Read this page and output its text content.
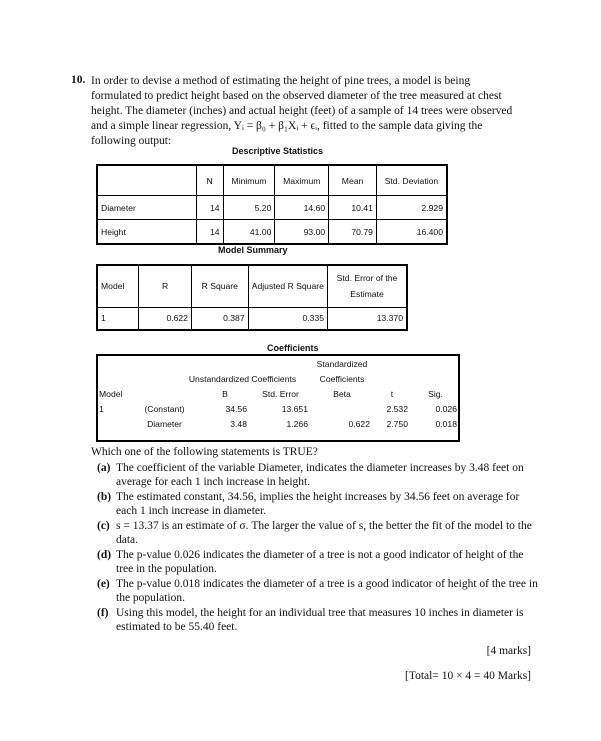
10. In order to devise a method of estimating the height of pine trees, a model is being
formulated to predict height based on the observed diameter of the tree measured at chest
height. The diameter (inches) and actual height (feet) of a sample of 14 trees were observed
and a simple linear regression, Yᵢ = β₀ + β₁Xᵢ + ϵᵢ, fitted to the sample data giving the
following output:
Descriptive Statistics
	N	Minimum	Maximum	Mean	Std. Deviation
Diameter	14	5.20	14.60	10.41	2.929
Height	14	41.00	93.00	70.79	16.400
Model Summary
Model	R	R Square	Adjusted R Square	Std. Error of the Estimate
1	0.622	0.387	0.335	13.370
Coefficients
				Standardized		
	Unstandardized Coefficients			Coefficients		
Model		B	Std. Error	Beta	t	Sig.
1	(Constant)	34.56	13.651		2.532	0.026
	Diameter	3.48	1.266	0.622	2.750	0.018
Which one of the following statements is TRUE?
(a) The coefficient of the variable Diameter, indicates the diameter increases by 3.48 feet on average for each 1 inch increase in height.
(b) The estimated constant, 34.56, implies the height increases by 34.56 feet on average for each 1 inch increase in diameter.
(c) s = 13.37 is an estimate of σ. The larger the value of s, the better the fit of the model to the data.
(d) The p-value 0.026 indicates the diameter of a tree is not a good indicator of height of the tree in the population.
(e) The p-value 0.018 indicates the diameter of a tree is a good indicator of height of the tree in the population.
(f) Using this model, the height for an individual tree that measures 10 inches in diameter is estimated to be 55.40 feet.
[4 marks]
[Total= 10 × 4 = 40 Marks]
